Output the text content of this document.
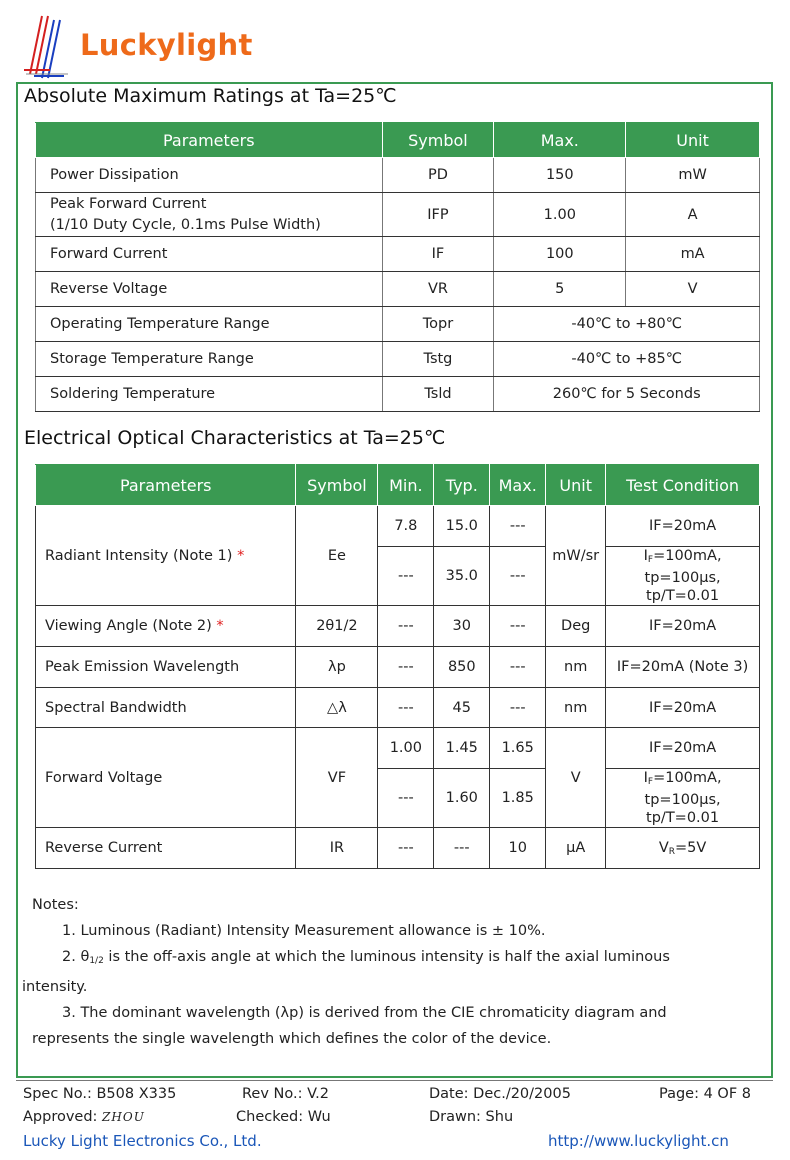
Luckylight
Absolute Maximum Ratings at Ta=25℃
Parameters	Symbol	Max.	Unit
Power Dissipation	PD	150	mW

Peak Forward Current
(1/10 Duty Cycle, 0.1ms Pulse Width)	IFP	1.00	A
Forward Current	IF	100	mA
Reverse Voltage	VR	5	V
Operating Temperature Range	Topr	-40℃ to +80℃	
Storage Temperature Range	Tstg	-40℃ to +85℃	
Soldering Temperature	Tsld	260℃ for 5 Seconds	
Electrical Optical Characteristics at Ta=25℃
Parameters	Symbol	Min.	Typ.	Max.	Unit	Test Condition
Radiant Intensity (Note 1) *	Ee	7.8	15.0	---	mW/sr	IF=20mA
		---	35.0	---		$I_F=100mA$,
tp=100μs,
tp/T=0.01

Viewing Angle (Note 2) *	2θ1/2	---	30	---	Deg	IF=20mA
Peak Emission Wavelength	λp	---	850	---	nm	IF=20mA (Note 3)
Spectral Bandwidth	△λ	---	45	---	nm	IF=20mA
Forward Voltage	VF	1.00	1.45	1.65	V	IF=20mA
		---	1.60	1.85		$I_F=100mA$,
tp=100μs,
tp/T=0.01

Reverse Current	IR	---	---	10	μA	$V_R=5V$
Notes:
1. Luminous (Radiant) Intensity Measurement allowance is ± 10%.
2. $\theta_{1/2}$ is the off-axis angle at which the luminous intensity is half the axial luminous
intensity.
3. The dominant wavelength (λp) is derived from the CIE chromaticity diagram and
represents the single wavelength which defines the color of the device.
Spec No.: B508 X335	Rev No.: V.2	Date: Dec./20/2005	Page: 4 OF 8
Approved: ZHOU	Checked: Wu	Drawn: Shu
Lucky Light Electronics Co., Ltd.	http://www.luckylight.cn
